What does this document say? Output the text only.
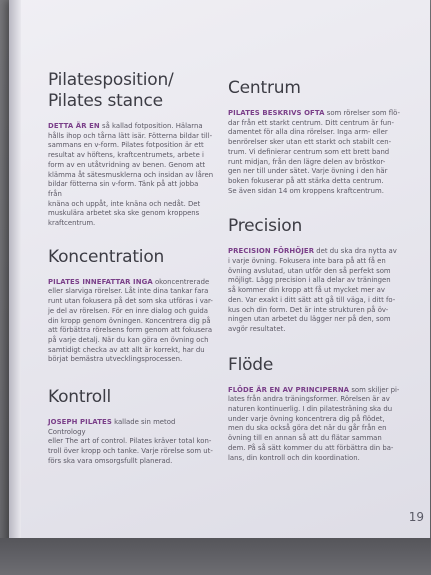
Pilatesposition/
Pilates stance

DETTA ÄR EN så kallad fotposition. Hälarna
hålls ihop och tårna lätt isär. Fötterna bildar till-
sammans en v-form. Pilates fotposition är ett
resultat av höftens, kraftcentrumets, arbete i
form av en utåtvridning av benen. Genom att
klämma åt sätesmusklerna och insidan av låren
bildar fötterna sin v-form. Tänk på att jobba från
knäna och uppåt, inte knäna och nedåt. Det
muskulära arbetet ska ske genom kroppens
kraftcentrum.

Koncentration

PILATES INNEFATTAR INGA okoncentrerade
eller slarviga rörelser. Låt inte dina tankar fara
runt utan fokusera på det som ska utföras i var-
je del av rörelsen. För en inre dialog och guida
din kropp genom övningen. Koncentrera dig på
att förbättra rörelsens form genom att fokusera
på varje detalj. När du kan göra en övning och
samtidigt checka av att allt är korrekt, har du
börjat bemästra utvecklingsprocessen.

Kontroll

JOSEPH PILATES kallade sin metod Contrology
eller The art of control. Pilates kräver total kon-
troll över kropp och tanke. Varje rörelse som ut-
förs ska vara omsorgsfullt planerad.

Centrum

PILATES BESKRIVS OFTA som rörelser som flö-
dar från ett starkt centrum. Ditt centrum är fun-
damentet för alla dina rörelser. Inga arm- eller
benrörelser sker utan ett starkt och stabilt cen-
trum. Vi definierar centrum som ett brett band
runt midjan, från den lägre delen av bröstkor-
gen ner till under sätet. Varje övning i den här
boken fokuserar på att stärka detta centrum.
Se även sidan 14 om kroppens kraftcentrum.

Precision

PRECISION FÖRHÖJER det du ska dra nytta av
i varje övning. Fokusera inte bara på att få en
övning avslutad, utan utför den så perfekt som
möjligt. Lägg precision i alla delar av träningen
så kommer din kropp att få ut mycket mer av
den. Var exakt i ditt sätt att gå till väga, i ditt fo-
kus och din form. Det är inte strukturen på öv-
ningen utan arbetet du lägger ner på den, som
avgör resultatet.

Flöde

FLÖDE ÄR EN AV PRINCIPERNA som skiljer pi-
lates från andra träningsformer. Rörelsen är av
naturen kontinuerlig. I din pilatesträning ska du
under varje övning koncentrera dig på flödet,
men du ska också göra det när du går från en
övning till en annan så att du flätar samman
dem. På så sätt kommer du att förbättra din ba-
lans, din kontroll och din koordination.

19
